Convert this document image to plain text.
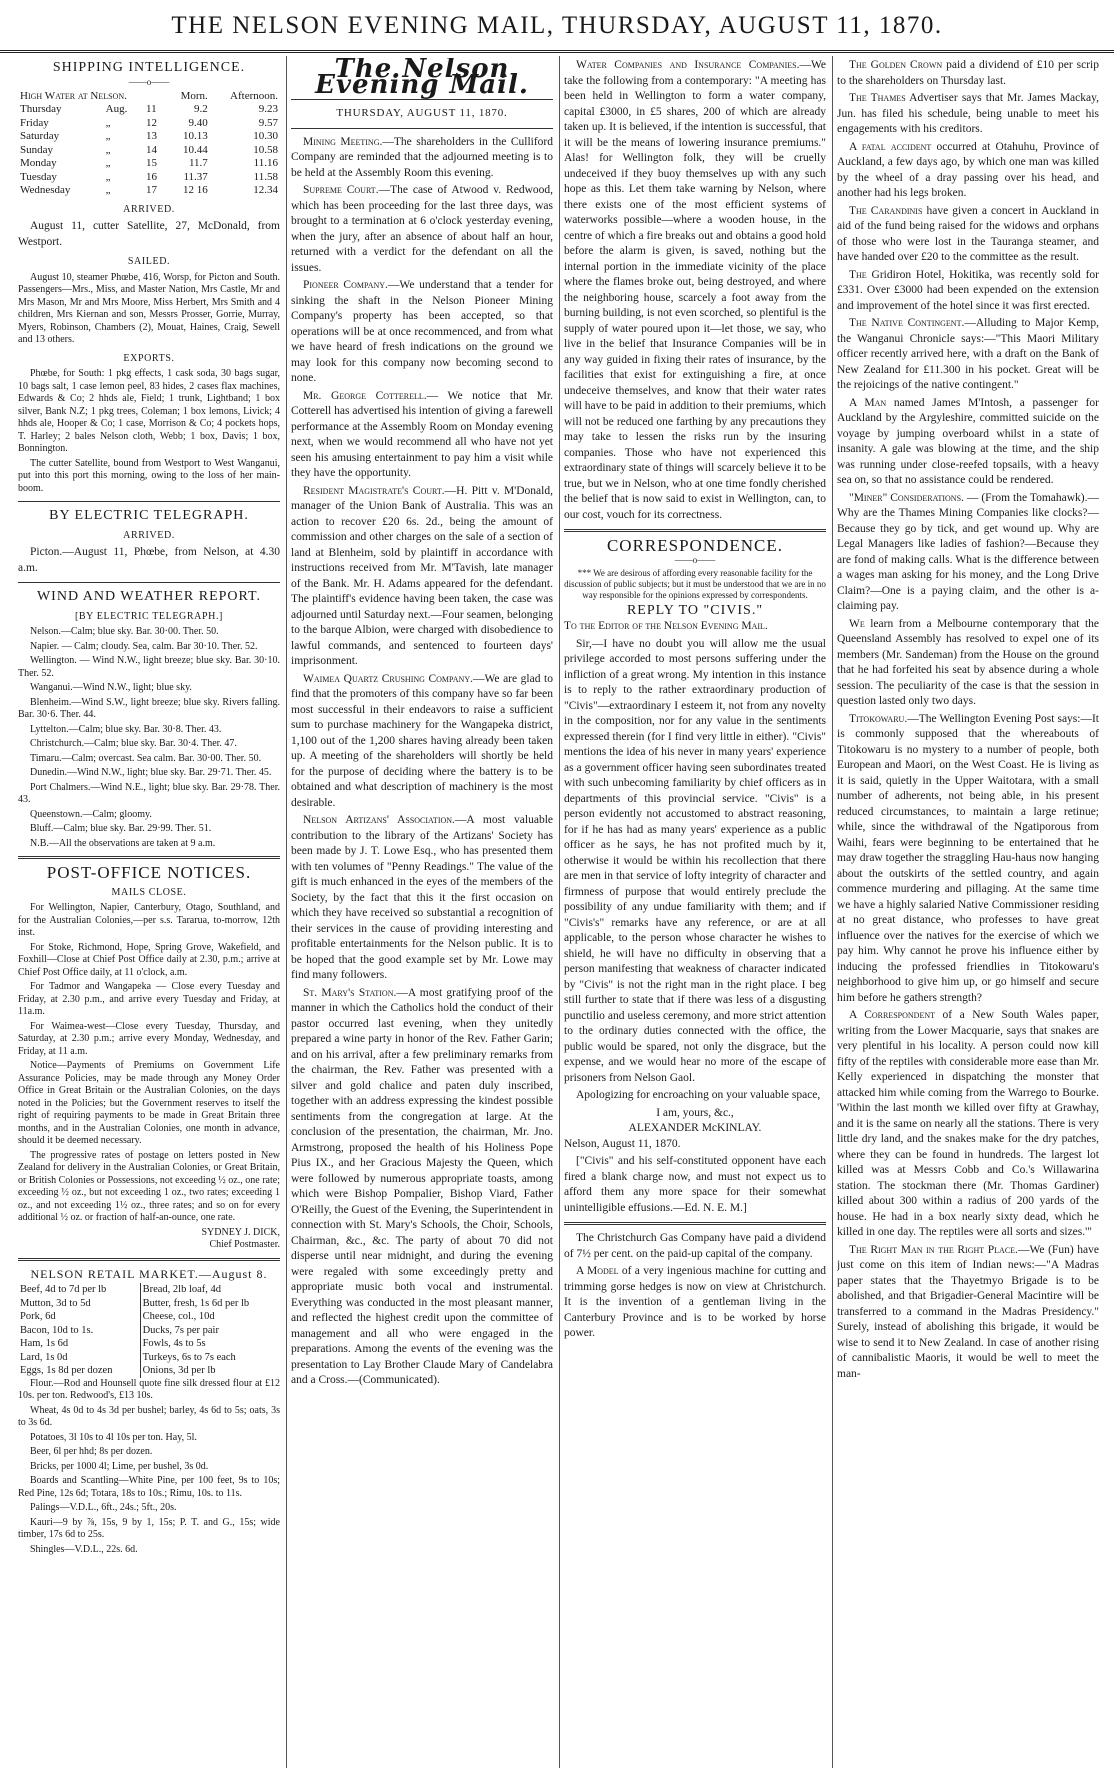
THE NELSON EVENING MAIL, THURSDAY, AUGUST 11, 1870.
SHIPPING INTELLIGENCE.
——o——
High Water at Nelson.			Morn.	Afternoon.
Thursday	Aug.	11	9.2	9.23
Friday	„	12	9.40	9.57
Saturday	„	13	10.13	10.30
Sunday	„	14	10.44	10.58
Monday	„	15	11.7	11.16
Tuesday	„	16	11.37	11.58
Wednesday	„	17	12 16	12.34
ARRIVED.

August 11, cutter Satellite, 27, McDonald, from Westport.

SAILED.

August 10, steamer Phœbe, 416, Worsp, for Picton and South. Passengers—Mrs., Miss, and Master Nation, Mrs Castle, Mr and Mrs Mason, Mr and Mrs Moore, Miss Herbert, Mrs Smith and 4 children, Mrs Kiernan and son, Messrs Prosser, Gorrie, Murray, Myers, Robinson, Chambers (2), Mouat, Haines, Craig, Sewell and 13 others.

EXPORTS.

Phœbe, for South: 1 pkg effects, 1 cask soda, 30 bags sugar, 10 bags salt, 1 case lemon peel, 83 hides, 2 cases flax machines, Edwards & Co; 2 hhds ale, Field; 1 trunk, Lightband; 1 box silver, Bank N.Z; 1 pkg trees, Coleman; 1 box lemons, Livick; 4 hhds ale, Hooper & Co; 1 case, Morrison & Co; 4 pockets hops, T. Harley; 2 bales Nelson cloth, Webb; 1 box, Davis; 1 box, Bonnington.

The cutter Satellite, bound from Westport to West Wanganui, put into this port this morning, owing to the loss of her main-boom.

BY ELECTRIC TELEGRAPH.
ARRIVED.

Picton.—August 11, Phœbe, from Nelson, at 4.30 a.m.

WIND AND WEATHER REPORT.
[BY ELECTRIC TELEGRAPH.]

Nelson.—Calm; blue sky. Bar. 30·00. Ther. 50.

Napier. — Calm; cloudy. Sea, calm. Bar 30·10. Ther. 52.

Wellington. — Wind N.W., light breeze; blue sky. Bar. 30·10. Ther. 52.

Wanganui.—Wind N.W., light; blue sky.

Blenheim.—Wind S.W., light breeze; blue sky. Rivers falling. Bar. 30·6. Ther. 44.

Lyttelton.—Calm; blue sky. Bar. 30·8. Ther. 43.

Christchurch.—Calm; blue sky. Bar. 30·4. Ther. 47.

Timaru.—Calm; overcast. Sea calm. Bar. 30·00. Ther. 50.

Dunedin.—Wind N.W., light; blue sky. Bar. 29·71. Ther. 45.

Port Chalmers.—Wind N.E., light; blue sky. Bar. 29·78. Ther. 43.

Queenstown.—Calm; gloomy.

Bluff.—Calm; blue sky. Bar. 29·99. Ther. 51.

N.B.—All the observations are taken at 9 a.m.

POST-OFFICE NOTICES.
MAILS CLOSE.

For Wellington, Napier, Canterbury, Otago, Southland, and for the Australian Colonies,—per s.s. Tararua, to-morrow, 12th inst.

For Stoke, Richmond, Hope, Spring Grove, Wakefield, and Foxhill—Close at Chief Post Office daily at 2.30, p.m.; arrive at Chief Post Office daily, at 11 o'clock, a.m.

For Tadmor and Wangapeka — Close every Tuesday and Friday, at 2.30 p.m., and arrive every Tuesday and Friday, at 11a.m.

For Waimea-west—Close every Tuesday, Thursday, and Saturday, at 2.30 p.m.; arrive every Monday, Wednesday, and Friday, at 11 a.m.

Notice—Payments of Premiums on Government Life Assurance Policies, may be made through any Money Order Office in Great Britain or the Australian Colonies, on the days noted in the Policies; but the Government reserves to itself the right of requiring payments to be made in Great Britain three months, and in the Australian Colonies, one month in advance, should it be deemed necessary.

The progressive rates of postage on letters posted in New Zealand for delivery in the Australian Colonies, or Great Britain, or British Colonies or Possessions, not exceeding ½ oz., one rate; exceeding ½ oz., but not exceeding 1 oz., two rates; exceeding 1 oz., and not exceeding 1½ oz., three rates; and so on for every additional ½ oz. or fraction of half-an-ounce, one rate.

SYDNEY J. DICK,
Chief Postmaster.
NELSON RETAIL MARKET.—August 8.
Beef, 4d to 7d per lb	Bread, 2lb loaf, 4d
Mutton, 3d to 5d	Butter, fresh, 1s 6d per lb
Pork, 6d	Cheese, col., 10d
Bacon, 10d to 1s.	Ducks, 7s per pair
Ham, 1s 6d	Fowls, 4s to 5s
Lard, 1s 0d	Turkeys, 6s to 7s each
Eggs, 1s 8d per dozen	Onions, 3d per lb

Flour.—Rod and Hounsell quote fine silk dressed flour at £12 10s. per ton. Redwood's, £13 10s.

Wheat, 4s 0d to 4s 3d per bushel; barley, 4s 6d to 5s; oats, 3s to 3s 6d.

Potatoes, 3l 10s to 4l 10s per ton. Hay, 5l.

Beer, 6l per hhd; 8s per dozen.

Bricks, per 1000 4l; Lime, per bushel, 3s 0d.

Boards and Scantling—White Pine, per 100 feet, 9s to 10s; Red Pine, 12s 6d; Totara, 18s to 10s.; Rimu, 10s. to 11s.

Palings—V.D.L., 6ft., 24s.; 5ft., 20s.

Kauri—9 by ⅞, 15s, 9 by 1, 15s; P. T. and G., 15s; wide timber, 17s 6d to 25s.

Shingles—V.D.L., 22s. 6d.

The Nelson Evening Mail.
THURSDAY, AUGUST 11, 1870.

Mining Meeting.—The shareholders in the Culliford Company are reminded that the adjourned meeting is to be held at the Assembly Room this evening.

Supreme Court.—The case of Atwood v. Redwood, which has been proceeding for the last three days, was brought to a termination at 6 o'clock yesterday evening, when the jury, after an absence of about half an hour, returned with a verdict for the defendant on all the issues.

Pioneer Company.—We understand that a tender for sinking the shaft in the Nelson Pioneer Mining Company's property has been accepted, so that operations will be at once recommenced, and from what we have heard of fresh indications on the ground we may look for this company now becoming second to none.

Mr. George Cotterell.— We notice that Mr. Cotterell has advertised his intention of giving a farewell performance at the Assembly Room on Monday evening next, when we would recommend all who have not yet seen his amusing entertainment to pay him a visit while they have the opportunity.

Resident Magistrate's Court.—H. Pitt v. M'Donald, manager of the Union Bank of Australia. This was an action to recover £20 6s. 2d., being the amount of commission and other charges on the sale of a section of land at Blenheim, sold by plaintiff in accordance with instructions received from Mr. M'Tavish, late manager of the Bank. Mr. H. Adams appeared for the defendant. The plaintiff's evidence having been taken, the case was adjourned until Saturday next.—Four seamen, belonging to the barque Albion, were charged with disobedience to lawful commands, and sentenced to fourteen days' imprisonment.

Waimea Quartz Crushing Company.—We are glad to find that the promoters of this company have so far been most successful in their endeavors to raise a sufficient sum to purchase machinery for the Wangapeka district, 1,100 out of the 1,200 shares having already been taken up. A meeting of the shareholders will shortly be held for the purpose of deciding where the battery is to be obtained and what description of machinery is the most desirable.

Nelson Artizans' Association.—A most valuable contribution to the library of the Artizans' Society has been made by J. T. Lowe Esq., who has presented them with ten volumes of "Penny Readings." The value of the gift is much enhanced in the eyes of the members of the Society, by the fact that this it the first occasion on which they have received so substantial a recognition of their services in the cause of providing interesting and profitable entertainments for the Nelson public. It is to be hoped that the good example set by Mr. Lowe may find many followers.

St. Mary's Station.—A most gratifying proof of the manner in which the Catholics hold the conduct of their pastor occurred last evening, when they unitedly prepared a wine party in honor of the Rev. Father Garin; and on his arrival, after a few preliminary remarks from the chairman, the Rev. Father was presented with a silver and gold chalice and paten duly inscribed, together with an address expressing the kindest possible sentiments from the congregation at large. At the conclusion of the presentation, the chairman, Mr. Jno. Armstrong, proposed the health of his Holiness Pope Pius IX., and her Gracious Majesty the Queen, which were followed by numerous appropriate toasts, among which were Bishop Pompalier, Bishop Viard, Father O'Reilly, the Guest of the Evening, the Superintendent in connection with St. Mary's Schools, the Choir, Schools, Chairman, &c., &c. The party of about 70 did not disperse until near midnight, and during the evening were regaled with some exceedingly pretty and appropriate music both vocal and instrumental. Everything was conducted in the most pleasant manner, and reflected the highest credit upon the committee of management and all who were engaged in the preparations. Among the events of the evening was the presentation to Lay Brother Claude Mary of Candelabra and a Cross.—(Communicated).

Water Companies and Insurance Companies.—We take the following from a contemporary: "A meeting has been held in Wellington to form a water company, capital £3000, in £5 shares, 200 of which are already taken up. It is believed, if the intention is successful, that it will be the means of lowering insurance premiums." Alas! for Wellington folk, they will be cruelly undeceived if they buoy themselves up with any such hope as this. Let them take warning by Nelson, where there exists one of the most efficient systems of waterworks possible—where a wooden house, in the centre of which a fire breaks out and obtains a good hold before the alarm is given, is saved, nothing but the internal portion in the immediate vicinity of the place where the flames broke out, being destroyed, and where the neighboring house, scarcely a foot away from the burning building, is not even scorched, so plentiful is the supply of water poured upon it—let those, we say, who live in the belief that Insurance Companies will be in any way guided in fixing their rates of insurance, by the facilities that exist for extinguishing a fire, at once undeceive themselves, and know that their water rates will have to be paid in addition to their premiums, which will not be reduced one farthing by any precautions they may take to lessen the risks run by the insuring companies. Those who have not experienced this extraordinary state of things will scarcely believe it to be true, but we in Nelson, who at one time fondly cherished the belief that is now said to exist in Wellington, can, to our cost, vouch for its correctness.

CORRESPONDENCE.
——o——

*** We are desirous of affording every reasonable facility for the discussion of public subjects; but it must be understood that we are in no way responsible for the opinions expressed by correspondents.

REPLY TO "CIVIS."

To the Editor of the Nelson Evening Mail.

Sir,—I have no doubt you will allow me the usual privilege accorded to most persons suffering under the infliction of a great wrong. My intention in this instance is to reply to the rather extraordinary production of "Civis"—extraordinary I esteem it, not from any novelty in the composition, nor for any value in the sentiments expressed therein (for I find very little in either). "Civis" mentions the idea of his never in many years' experience as a government officer having seen subordinates treated with such unbecoming familiarity by chief officers as in departments of this provincial service. "Civis" is a person evidently not accustomed to abstract reasoning, for if he has had as many years' experience as a public officer as he says, he has not profited much by it, otherwise it would be within his recollection that there are men in that service of lofty integrity of character and firmness of purpose that would entirely preclude the possibility of any undue familiarity with them; and if "Civis's" remarks have any reference, or are at all applicable, to the person whose character he wishes to shield, he will have no difficulty in observing that a person manifesting that weakness of character indicated by "Civis" is not the right man in the right place. I beg still further to state that if there was less of a disgusting punctilio and useless ceremony, and more strict attention to the ordinary duties connected with the office, the public would be spared, not only the disgrace, but the expense, and we would hear no more of the escape of prisoners from Nelson Gaol.

Apologizing for encroaching on your valuable space,

I am, yours, &c.,
ALEXANDER McKINLAY.

Nelson, August 11, 1870.

["Civis" and his self-constituted opponent have each fired a blank charge now, and must not expect us to afford them any more space for their somewhat unintelligible effusions.—Ed. N. E. M.]

The Christchurch Gas Company have paid a dividend of 7½ per cent. on the paid-up capital of the company.

A Model of a very ingenious machine for cutting and trimming gorse hedges is now on view at Christchurch. It is the invention of a gentleman living in the Canterbury Province and is to be worked by horse power.

The Golden Crown paid a dividend of £10 per scrip to the shareholders on Thursday last.

The Thames Advertiser says that Mr. James Mackay, Jun. has filed his schedule, being unable to meet his engagements with his creditors.

A fatal accident occurred at Otahuhu, Province of Auckland, a few days ago, by which one man was killed by the wheel of a dray passing over his head, and another had his legs broken.

The Carandinis have given a concert in Auckland in aid of the fund being raised for the widows and orphans of those who were lost in the Tauranga steamer, and have handed over £20 to the committee as the result.

The Gridiron Hotel, Hokitika, was recently sold for £331. Over £3000 had been expended on the extension and improvement of the hotel since it was first erected.

The Native Contingent.—Alluding to Major Kemp, the Wanganui Chronicle says:—"This Maori Military officer recently arrived here, with a draft on the Bank of New Zealand for £11.300 in his pocket. Great will be the rejoicings of the native contingent."

A Man named James M'Intosh, a passenger for Auckland by the Argyleshire, committed suicide on the voyage by jumping overboard whilst in a state of insanity. A gale was blowing at the time, and the ship was running under close-reefed topsails, with a heavy sea on, so that no assistance could be rendered.

"Miner" Considerations. — (From the Tomahawk).—Why are the Thames Mining Companies like clocks?—Because they go by tick, and get wound up. Why are Legal Managers like ladies of fashion?—Because they are fond of making calls. What is the difference between a wages man asking for his money, and the Long Drive Claim?—One is a paying claim, and the other is a-claiming pay.

We learn from a Melbourne contemporary that the Queensland Assembly has resolved to expel one of its members (Mr. Sandeman) from the House on the ground that he had forfeited his seat by absence during a whole session. The peculiarity of the case is that the session in question lasted only two days.

Titokowaru.—The Wellington Evening Post says:—It is commonly supposed that the whereabouts of Titokowaru is no mystery to a number of people, both European and Maori, on the West Coast. He is living as it is said, quietly in the Upper Waitotara, with a small number of adherents, not being able, in his present reduced circumstances, to maintain a large retinue; while, since the withdrawal of the Ngatiporous from Waihi, fears were beginning to be entertained that he may draw together the straggling Hau-haus now hanging about the outskirts of the settled country, and again commence murdering and pillaging. At the same time we have a highly salaried Native Commissioner residing at no great distance, who professes to have great influence over the natives for the exercise of which we pay him. Why cannot he prove his influence either by inducing the professed friendlies in Titokowaru's neighborhood to give him up, or go himself and secure him before he gathers strength?

A Correspondent of a New South Wales paper, writing from the Lower Macquarie, says that snakes are very plentiful in his locality. A person could now kill fifty of the reptiles with considerable more ease than Mr. Kelly experienced in dispatching the monster that attacked him while coming from the Warrego to Bourke. 'Within the last month we killed over fifty at Grawhay, and it is the same on nearly all the stations. There is very little dry land, and the snakes make for the dry patches, where they can be found in hundreds. The largest lot killed was at Messrs Cobb and Co.'s Willawarina station. The stockman there (Mr. Thomas Gardiner) killed about 300 within a radius of 200 yards of the house. He had in a box nearly sixty dead, which he killed in one day. The reptiles were all sorts and sizes.'"

The Right Man in the Right Place.—We (Fun) have just come on this item of Indian news:—"A Madras paper states that the Thayetmyo Brigade is to be abolished, and that Brigadier-General Macintire will be transferred to a command in the Madras Presidency." Surely, instead of abolishing this brigade, it would be wise to send it to New Zealand. In case of another rising of cannibalistic Maoris, it would be well to meet the man-
